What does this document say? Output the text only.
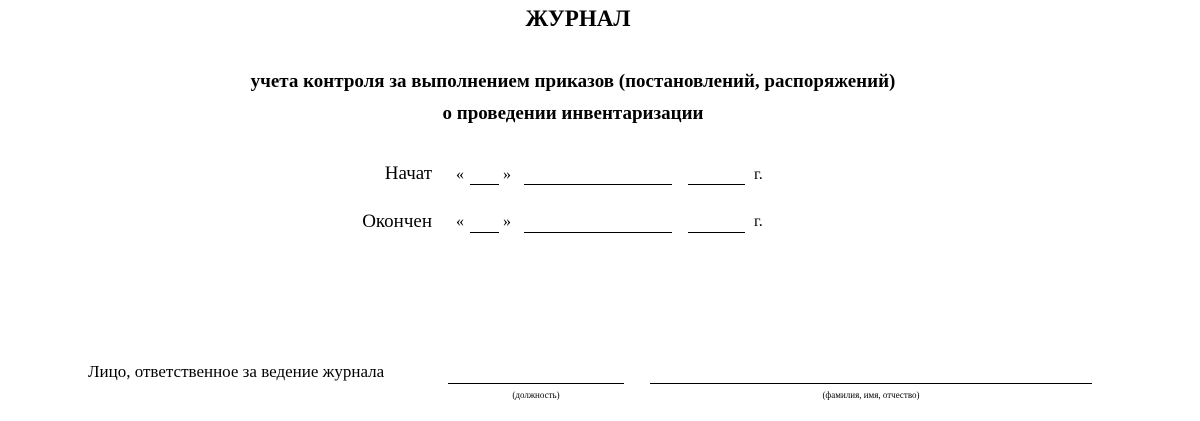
ЖУРНАЛ
учета контроля за выполнением приказов (постановлений, распоряжений)
о проведении инвентаризации
Начат « »	г.
Окончен « »	г.
Лицо, ответственное за ведение журнала
(должность)	(фамилия, имя, отчество)
